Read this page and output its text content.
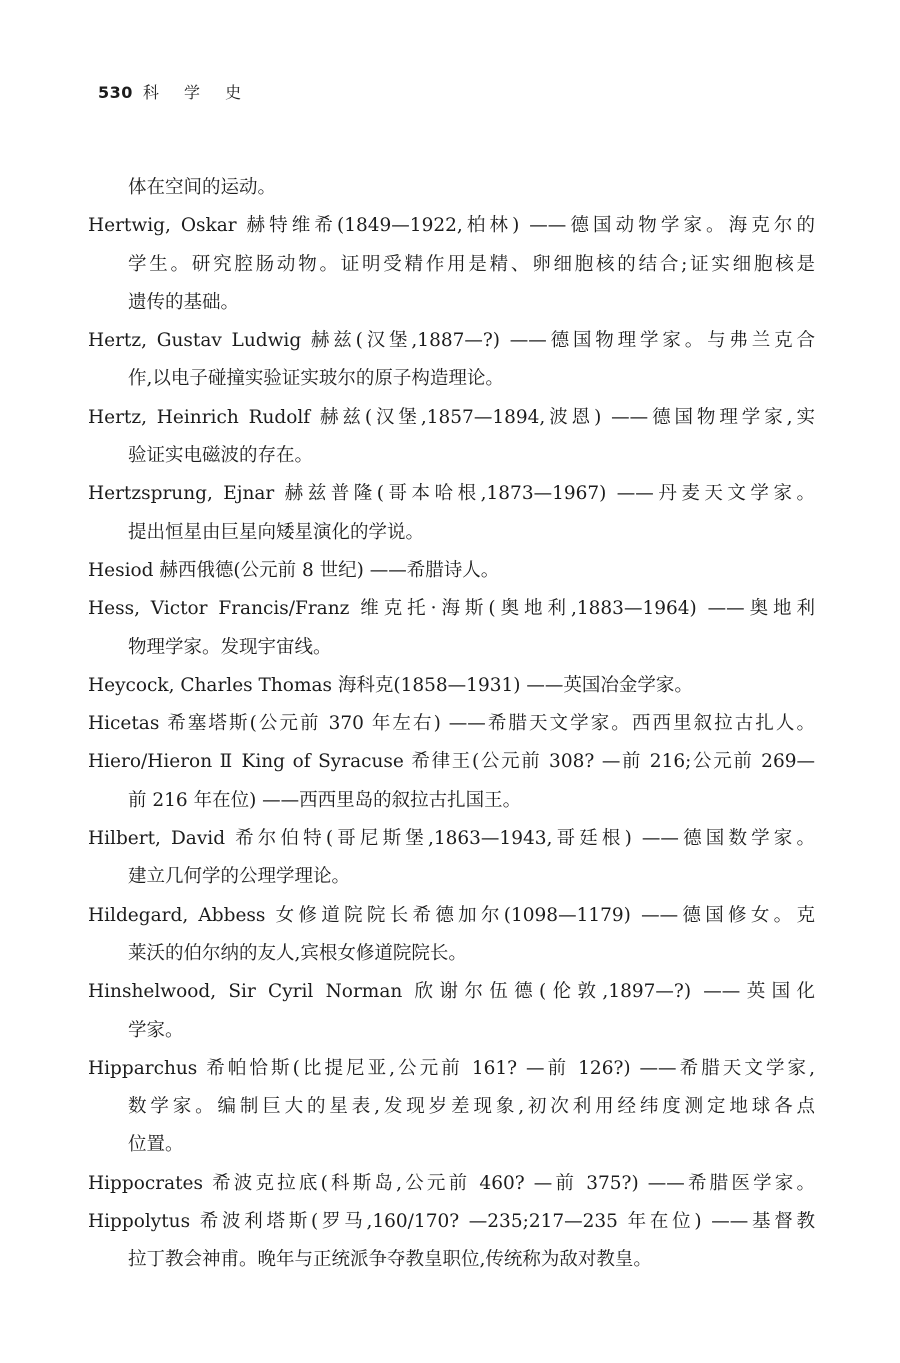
530 科 学 史
体在空间的运动。
Hertwig, Oskar 赫特维希(1849—1922,柏林) ——德国动物学家。海克尔的
学生。研究腔肠动物。证明受精作用是精、卵细胞核的结合;证实细胞核是
遗传的基础。
Hertz, Gustav Ludwig 赫兹(汉堡,1887—?) ——德国物理学家。与弗兰克合
作,以电子碰撞实验证实玻尔的原子构造理论。
Hertz, Heinrich Rudolf 赫兹(汉堡,1857—1894,波恩) ——德国物理学家,实
验证实电磁波的存在。
Hertzsprung, Ejnar 赫兹普隆(哥本哈根,1873—1967) ——丹麦天文学家。
提出恒星由巨星向矮星演化的学说。
Hesiod 赫西俄德(公元前 8 世纪) ——希腊诗人。
Hess, Victor Francis/Franz 维克托·海斯(奥地利,1883—1964) ——奥地利
物理学家。发现宇宙线。
Heycock, Charles Thomas 海科克(1858—1931) ——英国冶金学家。
Hicetas 希塞塔斯(公元前 370 年左右) ——希腊天文学家。西西里叙拉古扎人。
Hiero/Hieron Ⅱ King of Syracuse 希律王(公元前 308? —前 216;公元前 269—
前 216 年在位) ——西西里岛的叙拉古扎国王。
Hilbert, David 希尔伯特(哥尼斯堡,1863—1943,哥廷根) ——德国数学家。
建立几何学的公理学理论。
Hildegard, Abbess 女修道院院长希德加尔(1098—1179) ——德国修女。克
莱沃的伯尔纳的友人,宾根女修道院院长。
Hinshelwood, Sir Cyril Norman 欣谢尔伍德(伦敦,1897—?) ——英国化
学家。
Hipparchus 希帕恰斯(比提尼亚,公元前 161? —前 126?) ——希腊天文学家,
数学家。编制巨大的星表,发现岁差现象,初次利用经纬度测定地球各点
位置。
Hippocrates 希波克拉底(科斯岛,公元前 460? —前 375?) ——希腊医学家。
Hippolytus 希波利塔斯(罗马,160/170? —235;217—235 年在位) ——基督教
拉丁教会神甫。晚年与正统派争夺教皇职位,传统称为敌对教皇。
